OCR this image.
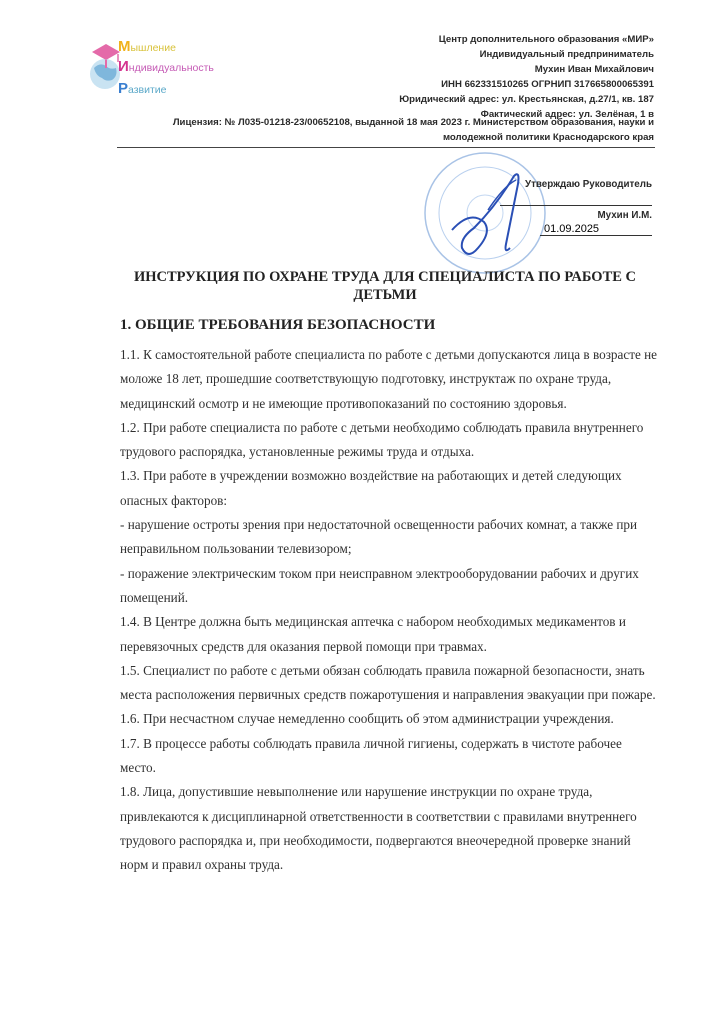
Мышление
Индивидуальность
Развитие
Центр дополнительного образования «МИР»
Индивидуальный предприниматель
Мухин Иван Михайлович
ИНН 662331510265 ОГРНИП 317665800065391
Юридический адрес: ул. Крестьянская, д.27/1, кв. 187
Фактический адрес: ул. Зелёная, 1 в
Лицензия: № Л035-01218-23/00652108, выданной 18 мая 2023 г. Министерством образования, науки и
молодежной политики Краснодарского края
Утверждаю Руководитель
Мухин И.М.
01.09.2025
ИНСТРУКЦИЯ ПО ОХРАНЕ ТРУДА ДЛЯ СПЕЦИАЛИСТА ПО РАБОТЕ С ДЕТЬМИ
1. ОБЩИЕ ТРЕБОВАНИЯ БЕЗОПАСНОСТИ

1.1. К самостоятельной работе специалиста по работе с детьми допускаются лица в возрасте не моложе 18 лет, прошедшие соответствующую подготовку, инструктаж по охране труда, медицинский осмотр и не имеющие противопоказаний по состоянию здоровья.

1.2. При работе специалиста по работе с детьми необходимо соблюдать правила внутреннего трудового распорядка, установленные режимы труда и отдыха.

1.3. При работе в учреждении возможно воздействие на работающих и детей следующих опасных факторов:

- нарушение остроты зрения при недостаточной освещенности рабочих комнат, а также при неправильном пользовании телевизором;

- поражение электрическим током при неисправном электрооборудовании рабочих и других помещений.

1.4. В Центре должна быть медицинская аптечка с набором необходимых медикаментов и перевязочных средств для оказания первой помощи при травмах.

1.5. Специалист по работе с детьми обязан соблюдать правила пожарной безопасности, знать места расположения первичных средств пожаротушения и направления эвакуации при пожаре.

1.6. При несчастном случае немедленно сообщить об этом администрации учреждения.

1.7. В процессе работы соблюдать правила личной гигиены, содержать в чистоте рабочее место.

1.8. Лица, допустившие невыполнение или нарушение инструкции по охране труда, привлекаются к дисциплинарной ответственности в соответствии с правилами внутреннего трудового распорядка и, при необходимости, подвергаются внеочередной проверке знаний норм и правил охраны труда.
